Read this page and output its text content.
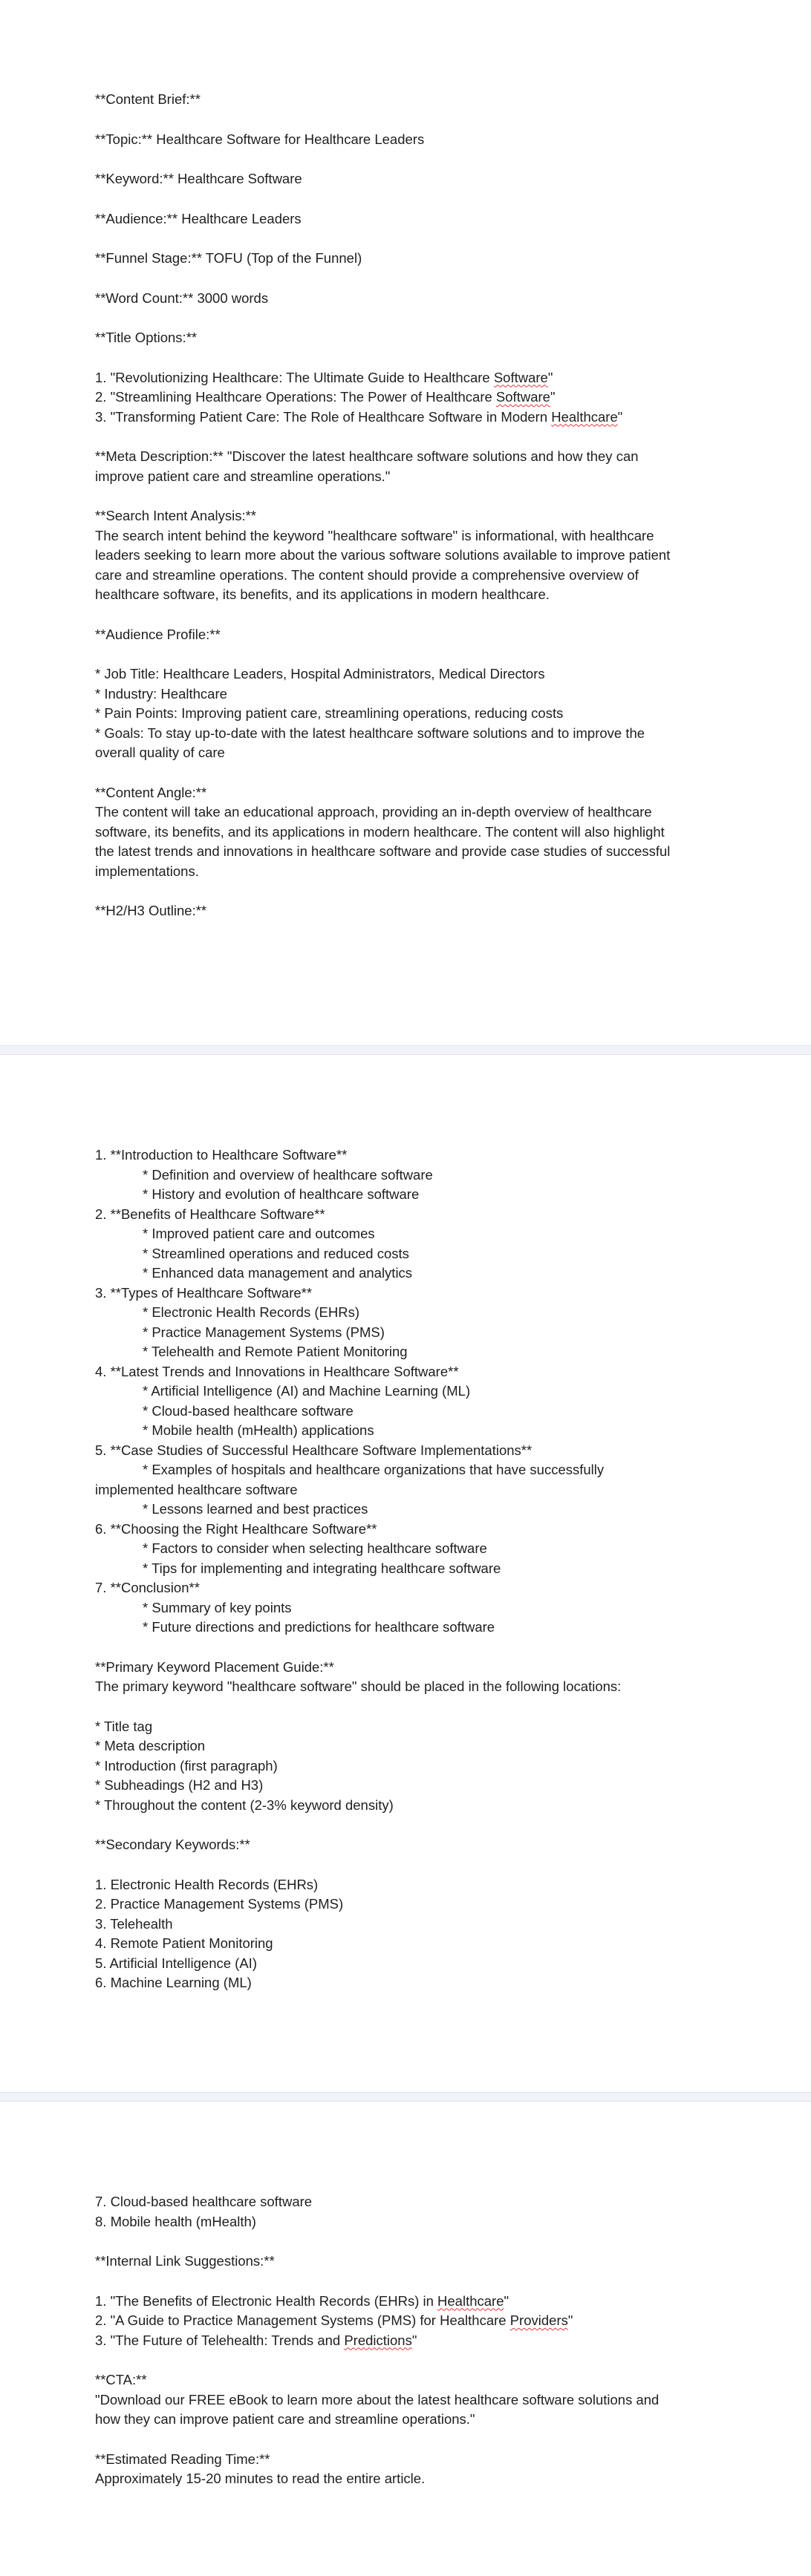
**Content Brief:**
**Topic:** Healthcare Software for Healthcare Leaders
**Keyword:** Healthcare Software
**Audience:** Healthcare Leaders
**Funnel Stage:** TOFU (Top of the Funnel)
**Word Count:** 3000 words
**Title Options:**
1. "Revolutionizing Healthcare: The Ultimate Guide to Healthcare Software"
2. "Streamlining Healthcare Operations: The Power of Healthcare Software"
3. "Transforming Patient Care: The Role of Healthcare Software in Modern Healthcare"
**Meta Description:** "Discover the latest healthcare software solutions and how they can
improve patient care and streamline operations."
**Search Intent Analysis:**
The search intent behind the keyword "healthcare software" is informational, with healthcare
leaders seeking to learn more about the various software solutions available to improve patient
care and streamline operations. The content should provide a comprehensive overview of
healthcare software, its benefits, and its applications in modern healthcare.
**Audience Profile:**
* Job Title: Healthcare Leaders, Hospital Administrators, Medical Directors
* Industry: Healthcare
* Pain Points: Improving patient care, streamlining operations, reducing costs
* Goals: To stay up-to-date with the latest healthcare software solutions and to improve the
overall quality of care
**Content Angle:**
The content will take an educational approach, providing an in-depth overview of healthcare
software, its benefits, and its applications in modern healthcare. The content will also highlight
the latest trends and innovations in healthcare software and provide case studies of successful
implementations.
**H2/H3 Outline:**
1. **Introduction to Healthcare Software**
* Definition and overview of healthcare software
* History and evolution of healthcare software
2. **Benefits of Healthcare Software**
* Improved patient care and outcomes
* Streamlined operations and reduced costs
* Enhanced data management and analytics
3. **Types of Healthcare Software**
* Electronic Health Records (EHRs)
* Practice Management Systems (PMS)
* Telehealth and Remote Patient Monitoring
4. **Latest Trends and Innovations in Healthcare Software**
* Artificial Intelligence (AI) and Machine Learning (ML)
* Cloud-based healthcare software
* Mobile health (mHealth) applications
5. **Case Studies of Successful Healthcare Software Implementations**
* Examples of hospitals and healthcare organizations that have successfully
implemented healthcare software
* Lessons learned and best practices
6. **Choosing the Right Healthcare Software**
* Factors to consider when selecting healthcare software
* Tips for implementing and integrating healthcare software
7. **Conclusion**
* Summary of key points
* Future directions and predictions for healthcare software
**Primary Keyword Placement Guide:**
The primary keyword "healthcare software" should be placed in the following locations:
* Title tag
* Meta description
* Introduction (first paragraph)
* Subheadings (H2 and H3)
* Throughout the content (2-3% keyword density)
**Secondary Keywords:**
1. Electronic Health Records (EHRs)
2. Practice Management Systems (PMS)
3. Telehealth
4. Remote Patient Monitoring
5. Artificial Intelligence (AI)
6. Machine Learning (ML)
7. Cloud-based healthcare software
8. Mobile health (mHealth)
**Internal Link Suggestions:**
1. "The Benefits of Electronic Health Records (EHRs) in Healthcare"
2. "A Guide to Practice Management Systems (PMS) for Healthcare Providers"
3. "The Future of Telehealth: Trends and Predictions"
**CTA:**
"Download our FREE eBook to learn more about the latest healthcare software solutions and
how they can improve patient care and streamline operations."
**Estimated Reading Time:**
Approximately 15-20 minutes to read the entire article.
